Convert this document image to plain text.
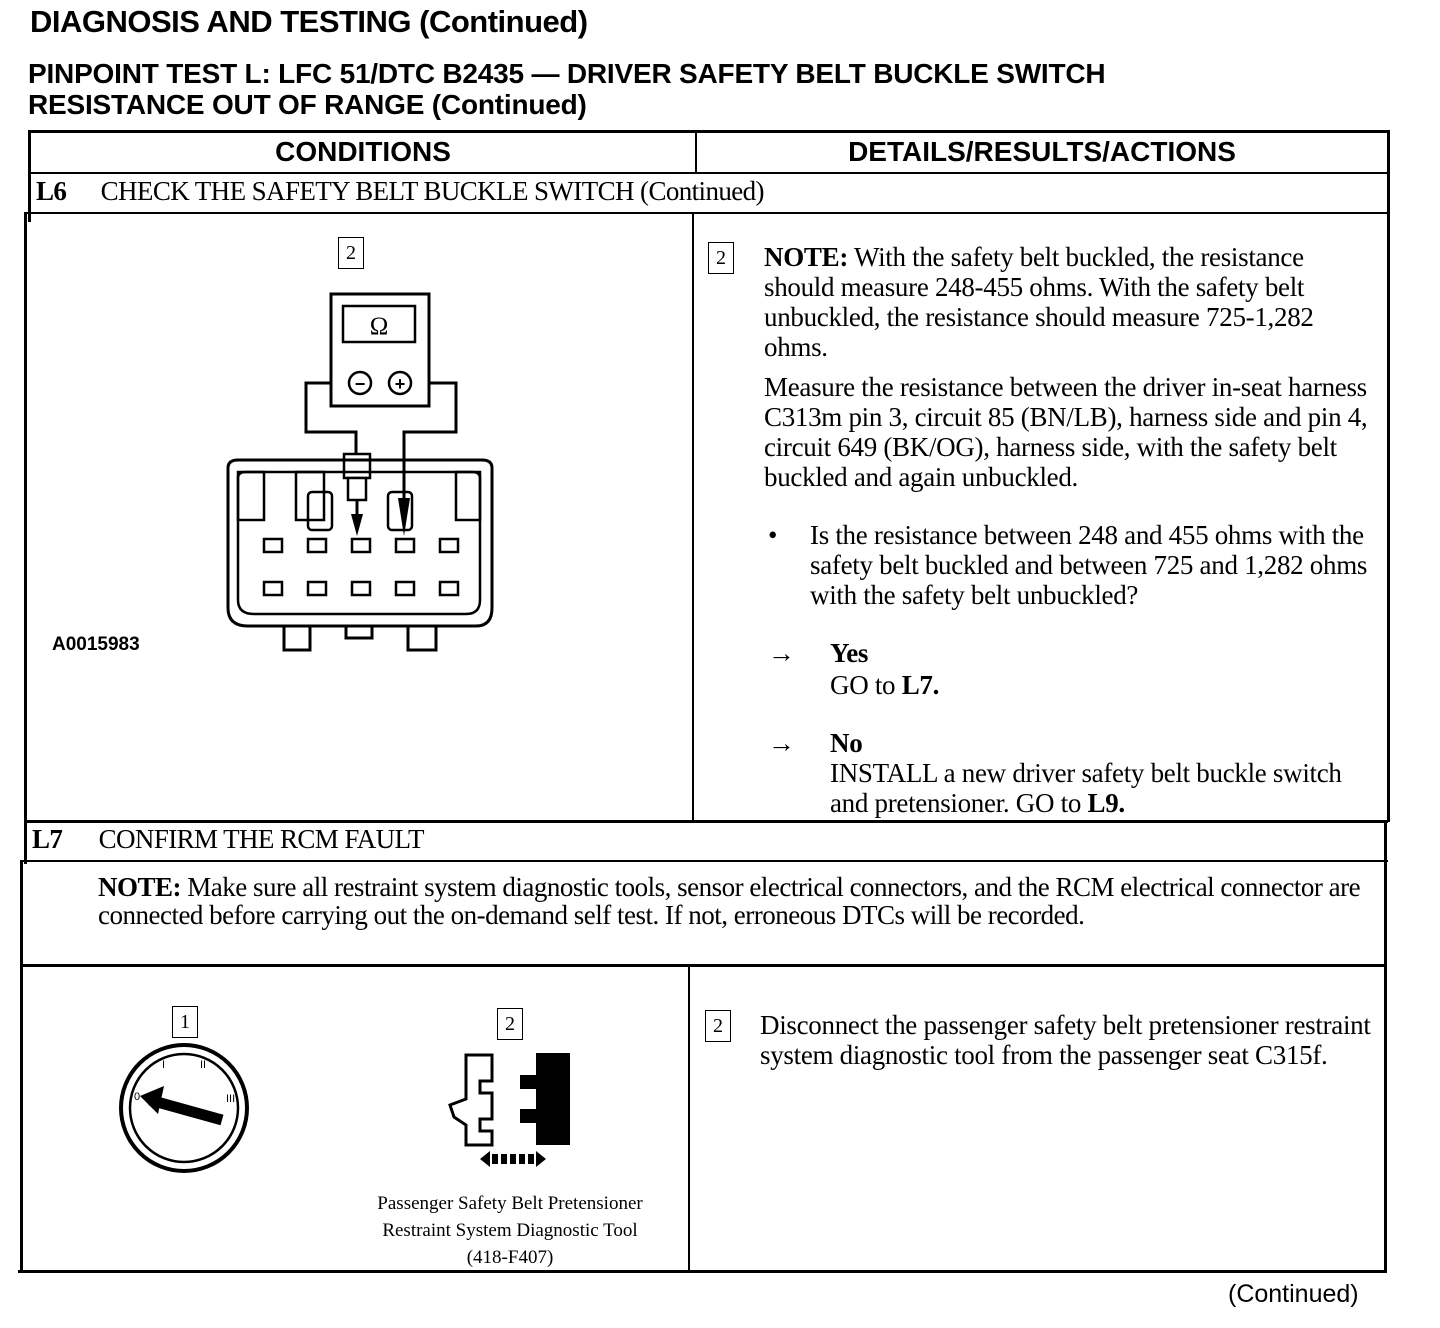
DIAGNOSIS AND TESTING (Continued)
PINPOINT TEST L: LFC 51/DTC B2435 — DRIVER SAFETY BELT BUCKLE SWITCH
RESISTANCE OUT OF RANGE (Continued)
CONDITIONS	DETAILS/RESULTS/ACTIONS
L6 CHECK THE SAFETY BELT BUCKLE SWITCH (Continued)
2
Ω
− +
A0015983
2 NOTE: With the safety belt buckled, the resistance should measure 248-455 ohms. With the safety belt unbuckled, the resistance should measure 725-1,282 ohms.
Measure the resistance between the driver in-seat harness C313m pin 3, circuit 85 (BN/LB), harness side and pin 4, circuit 649 (BK/OG), harness side, with the safety belt buckled and again unbuckled.
• Is the resistance between 248 and 455 ohms with the safety belt buckled and between 725 and 1,282 ohms with the safety belt unbuckled?
→ Yes
GO to L7.
→ No
INSTALL a new driver safety belt buckle switch and pretensioner. GO to L9.
L7 CONFIRM THE RCM FAULT
NOTE: Make sure all restraint system diagnostic tools, sensor electrical connectors, and the RCM electrical connector are connected before carrying out the on-demand self test. If not, erroneous DTCs will be recorded.
1
0
I	II
III
2
Passenger Safety Belt Pretensioner
Restraint System Diagnostic Tool
(418-F407)
2 Disconnect the passenger safety belt pretensioner restraint system diagnostic tool from the passenger seat C315f.
(Continued)
